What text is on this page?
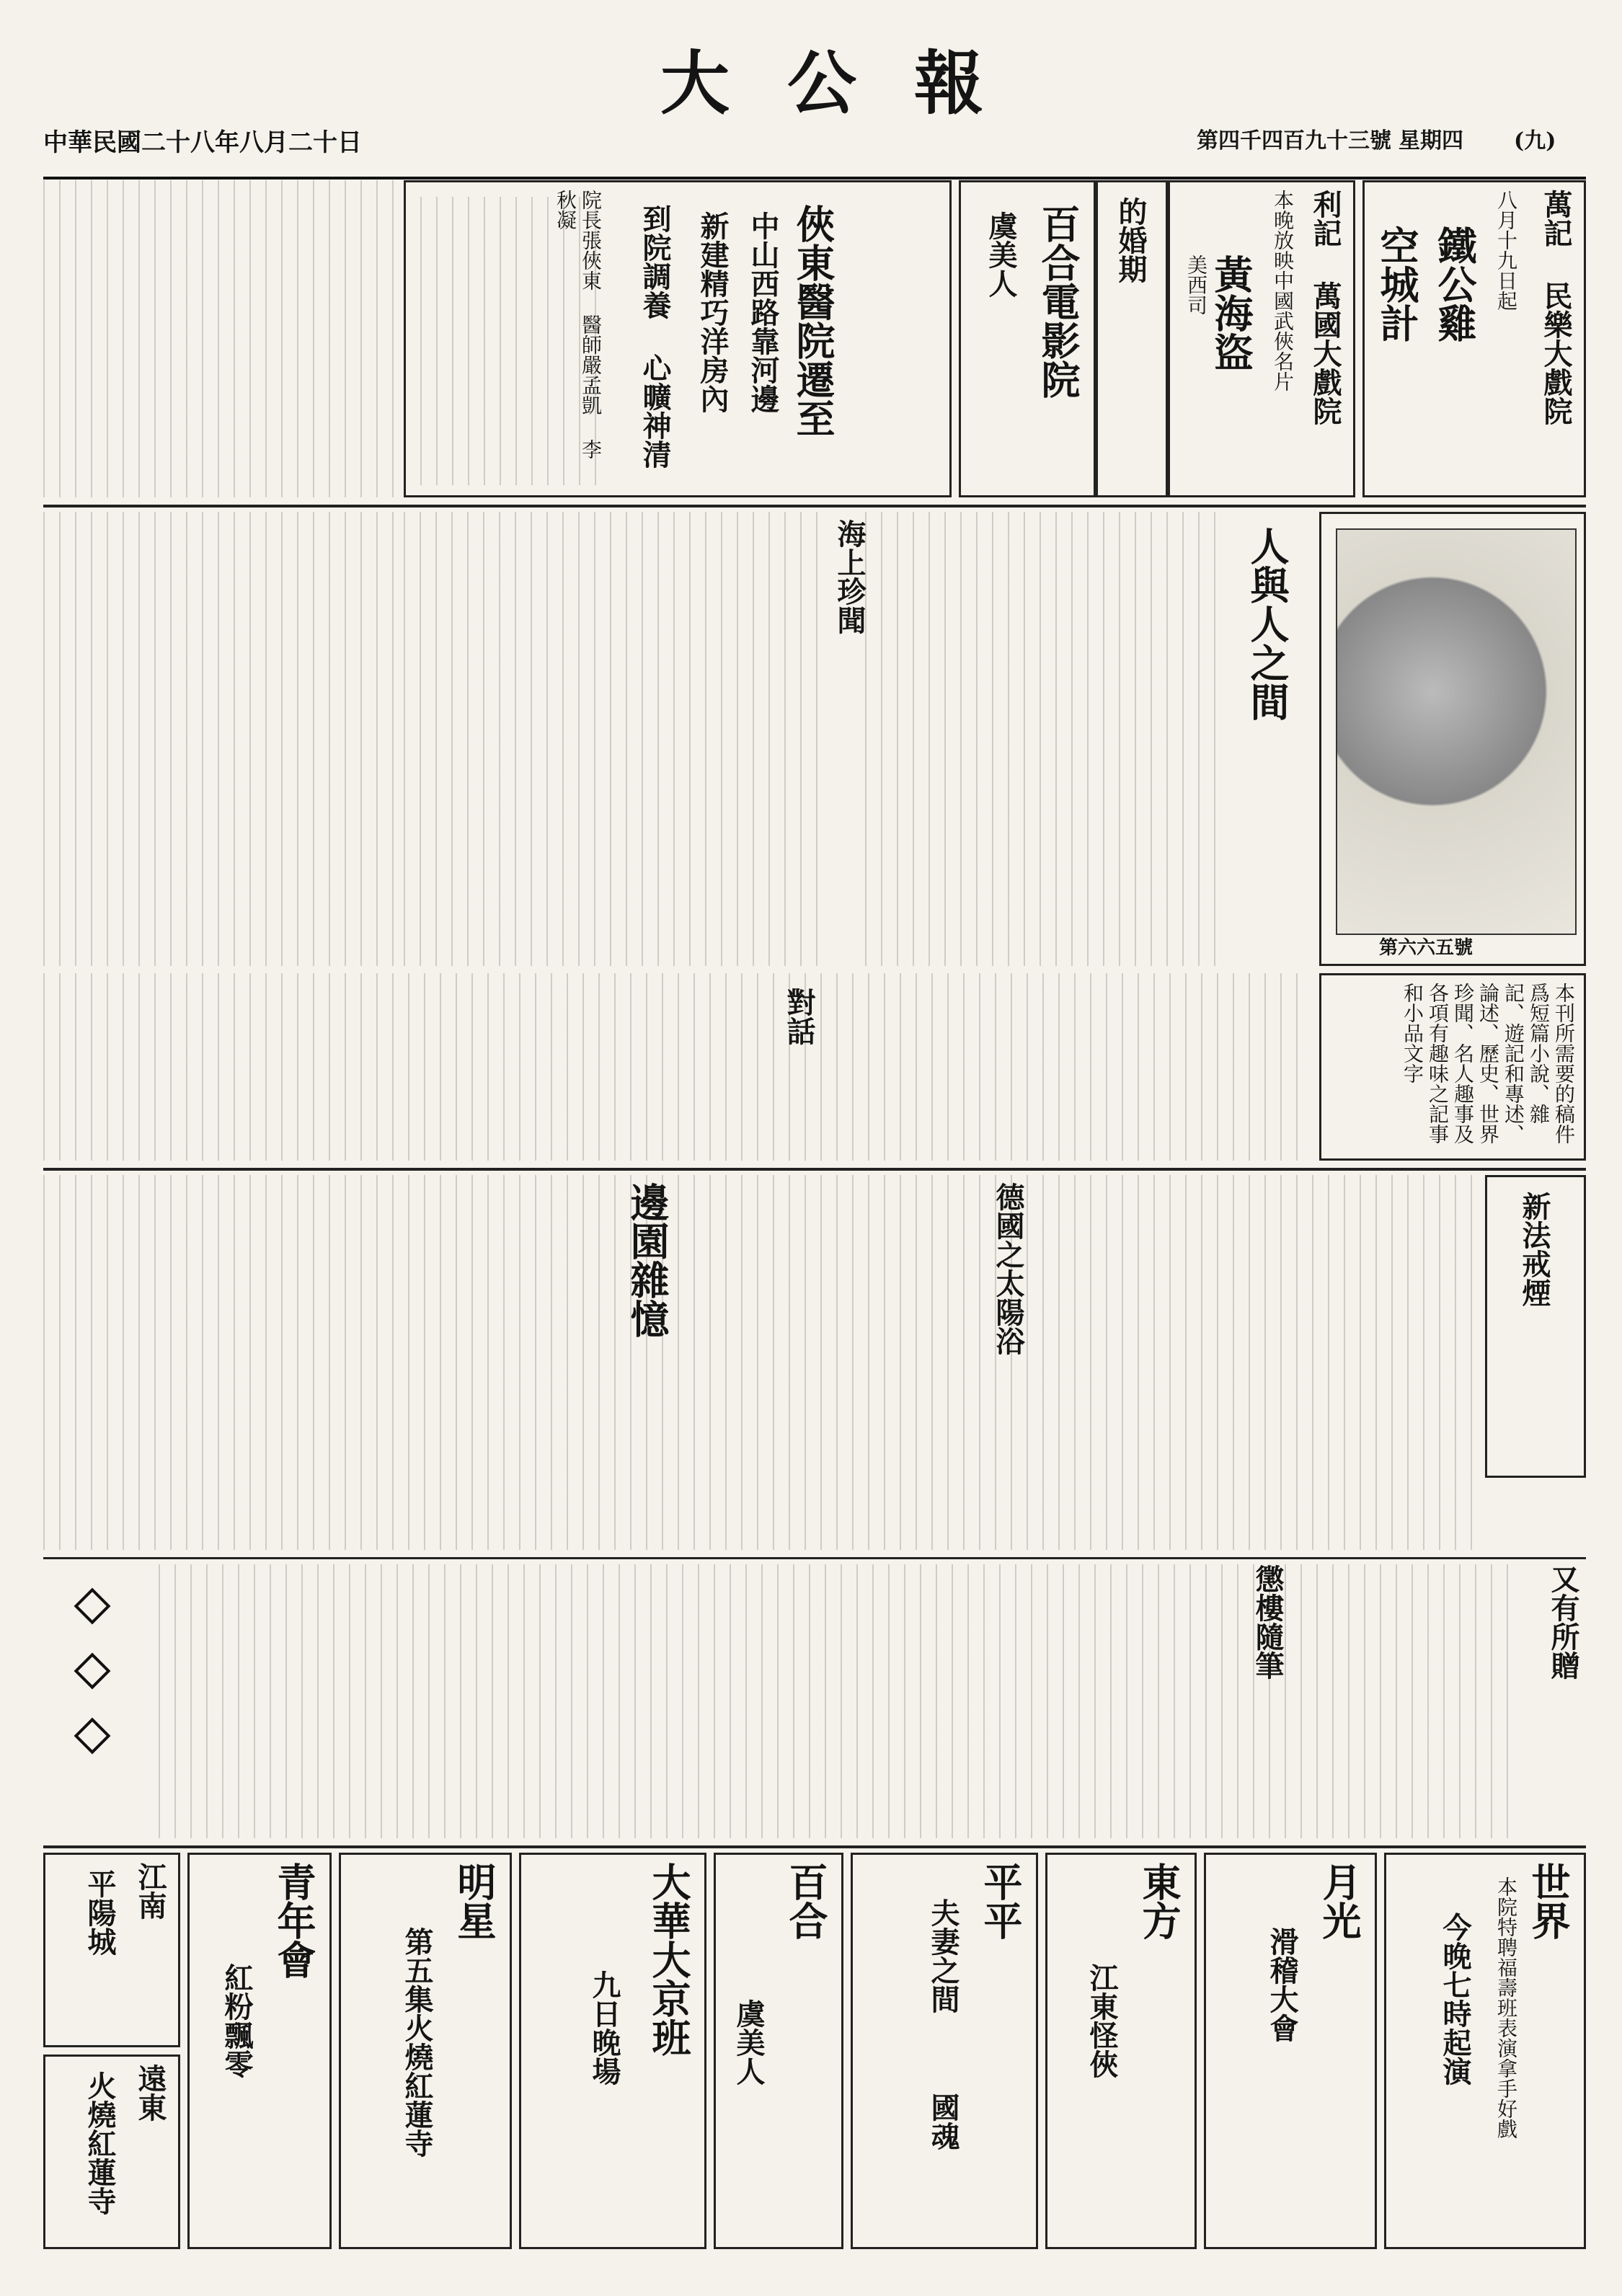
大公報
中華民國二十八年八月二十日	第四千四百九十三號 星期四 (九)
萬記 民樂大戲院
八月十九日起
鐵公雞
空城計
利記 萬國大戲院
本晚放映中國武俠名片
黃海盜
美西司
的婚期
百合電影院
虞美人
俠東醫院遷至
中山西路靠河邊
新建精巧洋房內
到院調養 心曠神清
院長張俠東 醫師嚴孟凱 李秋凝
第六六五號
人與人之間
海上珍聞
本刊所需要的稿件爲短篇小說、雜記、遊記和專述、論述、歷史、世界珍聞、名人趣事及各項有趣味之記事和小品文字
對話
新法戒煙
德國之太陽浴
邊園雜憶
又有所贈
懲樓隨筆
世界
本院特聘福壽班表演拿手好戲
今晚七時起演
月光
滑稽大會
東方
江東怪俠
平平
夫妻之間
國魂
百合
虞美人
大華大京班
九日晚場
明星
第五集火燒紅蓮寺
青年會
紅粉飄零
江南
平陽城
遠東
火燒紅蓮寺
